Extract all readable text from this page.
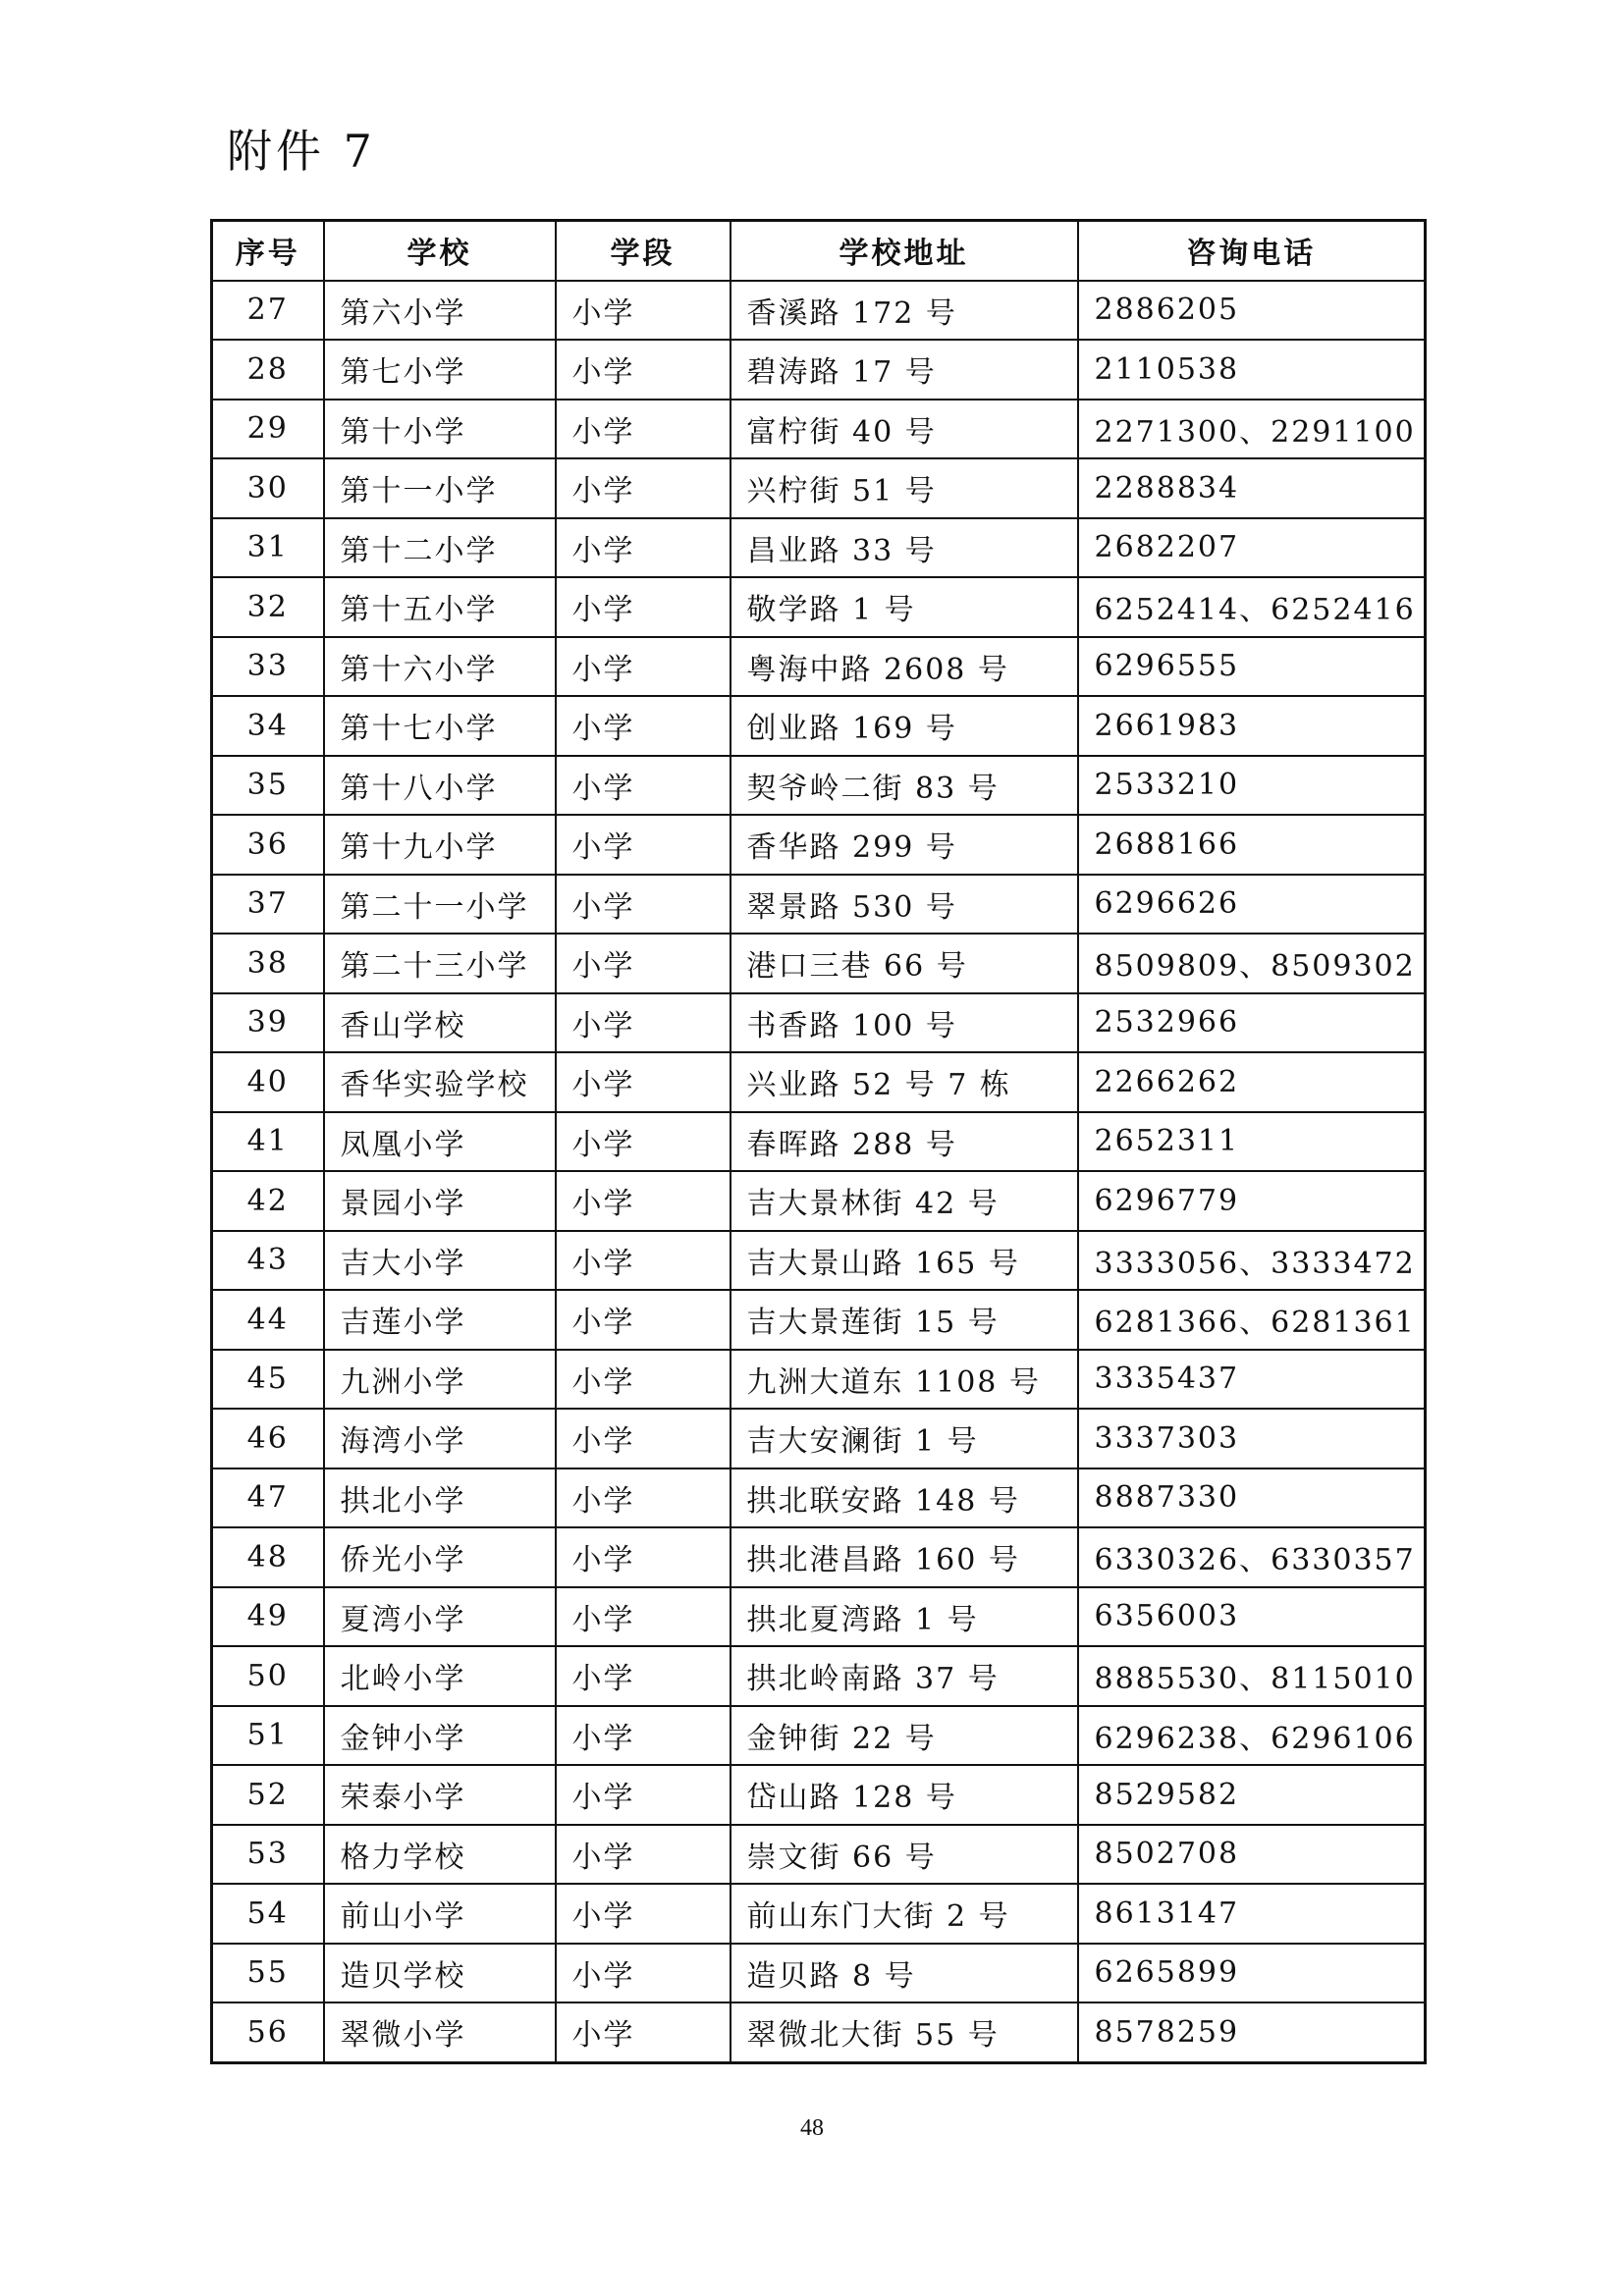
附件 7
序号	学校	学段	学校地址	咨询电话
27	第六小学	小学	香溪路 172 号	2886205
28	第七小学	小学	碧涛路 17 号	2110538
29	第十小学	小学	富柠街 40 号	2271300、2291100
30	第十一小学	小学	兴柠街 51 号	2288834
31	第十二小学	小学	昌业路 33 号	2682207
32	第十五小学	小学	敬学路 1 号	6252414、6252416
33	第十六小学	小学	粤海中路 2608 号	6296555
34	第十七小学	小学	创业路 169 号	2661983
35	第十八小学	小学	契爷岭二街 83 号	2533210
36	第十九小学	小学	香华路 299 号	2688166
37	第二十一小学	小学	翠景路 530 号	6296626
38	第二十三小学	小学	港口三巷 66 号	8509809、8509302
39	香山学校	小学	书香路 100 号	2532966
40	香华实验学校	小学	兴业路 52 号 7 栋	2266262
41	凤凰小学	小学	春晖路 288 号	2652311
42	景园小学	小学	吉大景林街 42 号	6296779
43	吉大小学	小学	吉大景山路 165 号	3333056、3333472
44	吉莲小学	小学	吉大景莲街 15 号	6281366、6281361
45	九洲小学	小学	九洲大道东 1108 号	3335437
46	海湾小学	小学	吉大安澜街 1 号	3337303
47	拱北小学	小学	拱北联安路 148 号	8887330
48	侨光小学	小学	拱北港昌路 160 号	6330326、6330357
49	夏湾小学	小学	拱北夏湾路 1 号	6356003
50	北岭小学	小学	拱北岭南路 37 号	8885530、8115010
51	金钟小学	小学	金钟街 22 号	6296238、6296106
52	荣泰小学	小学	岱山路 128 号	8529582
53	格力学校	小学	崇文街 66 号	8502708
54	前山小学	小学	前山东门大街 2 号	8613147
55	造贝学校	小学	造贝路 8 号	6265899
56	翠微小学	小学	翠微北大街 55 号	8578259
48
